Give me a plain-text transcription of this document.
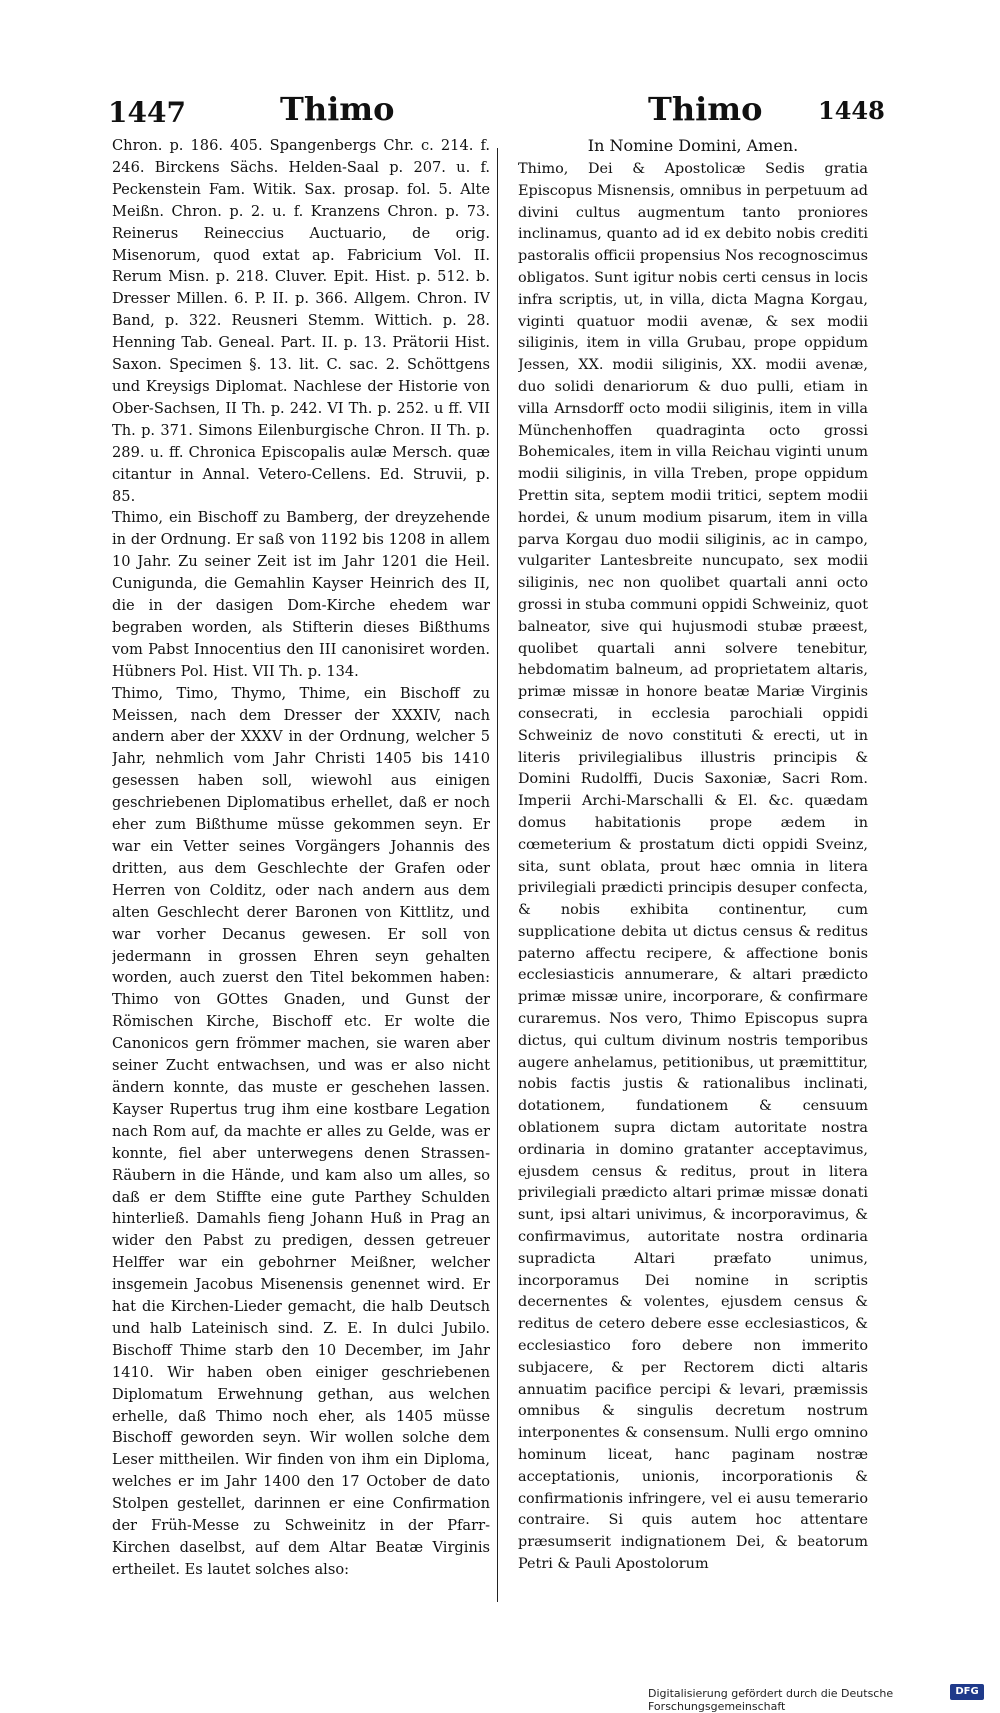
1447	Thimo	Thimo 1448

Chron. p. 186. 405. Spangenbergs Chr. c. 214. f. 246. Birckens Sächs. Helden-Saal p. 207. u. f. Peckenstein Fam. Witik. Sax. prosap. fol. 5. Alte Meißn. Chron. p. 2. u. f. Kranzens Chron. p. 73. Reinerus Reineccius Auctuario, de orig. Misenorum, quod extat ap. Fabricium Vol. II. Rerum Misn. p. 218. Cluver. Epit. Hist. p. 512. b. Dresser Millen. 6. P. II. p. 366. Allgem. Chron. IV Band, p. 322. Reusneri Stemm. Wittich. p. 28. Henning Tab. Geneal. Part. II. p. 13. Prätorii Hist. Saxon. Specimen §. 13. lit. C. sac. 2. Schöttgens und Kreysigs Diplomat. Nachlese der Historie von Ober-Sachsen, II Th. p. 242. VI Th. p. 252. u ff. VII Th. p. 371. Simons Eilenburgische Chron. II Th. p. 289. u. ff. Chronica Episcopalis aulæ Mersch. quæ citantur in Annal. Vetero-Cellens. Ed. Struvii, p. 85.

Thimo, ein Bischoff zu Bamberg, der dreyzehende in der Ordnung. Er saß von 1192 bis 1208 in allem 10 Jahr. Zu seiner Zeit ist im Jahr 1201 die Heil. Cunigunda, die Gemahlin Kayser Heinrich des II, die in der dasigen Dom-Kirche ehedem war begraben worden, als Stifterin dieses Bißthums vom Pabst Innocentius den III canonisiret worden. Hübners Pol. Hist. VII Th. p. 134.

Thimo, Timo, Thymo, Thime, ein Bischoff zu Meissen, nach dem Dresser der XXXIV, nach andern aber der XXXV in der Ordnung, welcher 5 Jahr, nehmlich vom Jahr Christi 1405 bis 1410 gesessen haben soll, wiewohl aus einigen geschriebenen Diplomatibus erhellet, daß er noch eher zum Bißthume müsse gekommen seyn. Er war ein Vetter seines Vorgängers Johannis des dritten, aus dem Geschlechte der Grafen oder Herren von Colditz, oder nach andern aus dem alten Geschlecht derer Baronen von Kittlitz, und war vorher Decanus gewesen. Er soll von jedermann in grossen Ehren seyn gehalten worden, auch zuerst den Titel bekommen haben: Thimo von GOttes Gnaden, und Gunst der Römischen Kirche, Bischoff etc. Er wolte die Canonicos gern frömmer machen, sie waren aber seiner Zucht entwachsen, und was er also nicht ändern konnte, das muste er geschehen lassen. Kayser Rupertus trug ihm eine kostbare Legation nach Rom auf, da machte er alles zu Gelde, was er konnte, fiel aber unterwegens denen Strassen-Räubern in die Hände, und kam also um alles, so daß er dem Stiffte eine gute Parthey Schulden hinterließ. Damahls fieng Johann Huß in Prag an wider den Pabst zu predigen, dessen getreuer Helffer war ein gebohrner Meißner, welcher insgemein Jacobus Misenensis genennet wird. Er hat die Kirchen-Lieder gemacht, die halb Deutsch und halb Lateinisch sind. Z. E. In dulci Jubilo. Bischoff Thime starb den 10 December, im Jahr 1410. Wir haben oben einiger geschriebenen Diplomatum Erwehnung gethan, aus welchen erhelle, daß Thimo noch eher, als 1405 müsse Bischoff geworden seyn. Wir wollen solche dem Leser mittheilen. Wir finden von ihm ein Diploma, welches er im Jahr 1400 den 17 October de dato Stolpen gestellet, darinnen er eine Confirmation der Früh-Messe zu Schweinitz in der Pfarr-Kirchen daselbst, auf dem Altar Beatæ Virginis ertheilet. Es lautet solches also:

In Nomine Domini, Amen.

Thimo, Dei & Apostolicæ Sedis gratia Episcopus Misnensis, omnibus in perpetuum ad divini cultus augmentum tanto proniores inclinamus, quanto ad id ex debito nobis crediti pastoralis officii propensius Nos recognoscimus obligatos. Sunt igitur nobis certi census in locis infra scriptis, ut, in villa, dicta Magna Korgau, viginti quatuor modii avenæ, & sex modii siliginis, item in villa Grubau, prope oppidum Jessen, XX. modii siliginis, XX. modii avenæ, duo solidi denariorum & duo pulli, etiam in villa Arnsdorff octo modii siliginis, item in villa Münchenhoffen quadraginta octo grossi Bohemicales, item in villa Reichau viginti unum modii siliginis, in villa Treben, prope oppidum Prettin sita, septem modii tritici, septem modii hordei, & unum modium pisarum, item in villa parva Korgau duo modii siliginis, ac in campo, vulgariter Lantesbreite nuncupato, sex modii siliginis, nec non quolibet quartali anni octo grossi in stuba communi oppidi Schweiniz, quot balneator, sive qui hujusmodi stubæ præest, quolibet quartali anni solvere tenebitur, hebdomatim balneum, ad proprietatem altaris, primæ missæ in honore beatæ Mariæ Virginis consecrati, in ecclesia parochiali oppidi Schweiniz de novo constituti & erecti, ut in literis privilegialibus illustris principis & Domini Rudolffi, Ducis Saxoniæ, Sacri Rom. Imperii Archi-Marschalli & El. &c. quædam domus habitationis prope ædem in cœmeterium & prostatum dicti oppidi Sveinz, sita, sunt oblata, prout hæc omnia in litera privilegiali prædicti principis desuper confecta, & nobis exhibita continentur, cum supplicatione debita ut dictus census & reditus paterno affectu recipere, & affectione bonis ecclesiasticis annumerare, & altari prædicto primæ missæ unire, incorporare, & confirmare curaremus. Nos vero, Thimo Episcopus supra dictus, qui cultum divinum nostris temporibus augere anhelamus, petitionibus, ut præmittitur, nobis factis justis & rationalibus inclinati, dotationem, fundationem & censuum oblationem supra dictam autoritate nostra ordinaria in domino gratanter acceptavimus, ejusdem census & reditus, prout in litera privilegiali prædicto altari primæ missæ donati sunt, ipsi altari univimus, & incorporavimus, & confirmavimus, autoritate nostra ordinaria supradicta Altari præfato unimus, incorporamus Dei nomine in scriptis decernentes & volentes, ejusdem census & reditus de cetero debere esse ecclesiasticos, & ecclesiastico foro debere non immerito subjacere, & per Rectorem dicti altaris annuatim pacifice percipi & levari, præmissis omnibus & singulis decretum nostrum interponentes & consensum. Nulli ergo omnino hominum liceat, hanc paginam nostræ acceptationis, unionis, incorporationis & confirmationis infringere, vel ei ausu temerario contraire. Si quis autem hoc attentare præsumserit indignationem Dei, & beatorum Petri & Pauli Apostolorum

Digitalisierung gefördert durch die Deutsche Forschungsgemeinschaft
DFG
